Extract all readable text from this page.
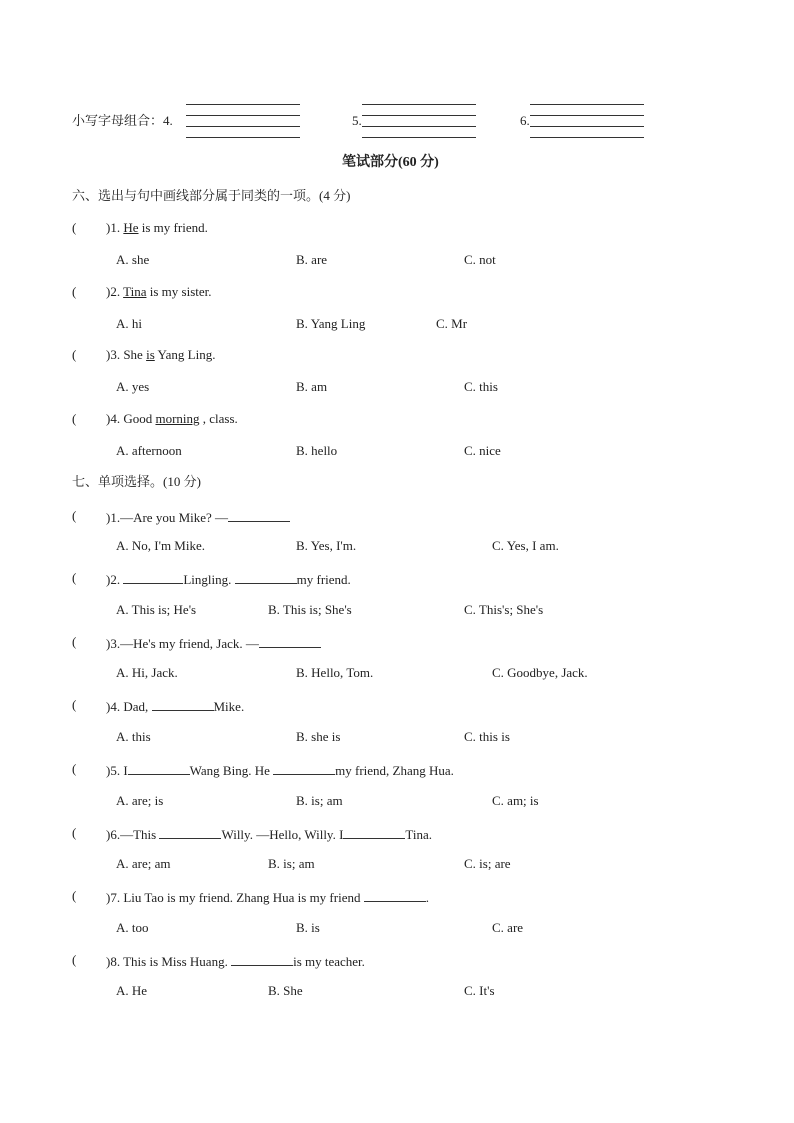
小写字母组合：4.	5.	6.
笔试部分(60 分)
六、选出与句中画线部分属于同类的一项。(4 分)
( )1. He is my friend.
A. she	B. are	C. not
( )2. Tina is my sister.
A. hi	B. Yang Ling	C. Mr
( )3. She is Yang Ling.
A. yes	B. am	C. this
( )4. Good morning , class.
A. afternoon	B. hello	C. nice
七、单项选择。(10 分)
( )1.—Are you Mike? —
A. No, I'm Mike.	B. Yes, I'm.	C. Yes, I am.
( )2.	Lingling.	my friend.
A. This is; He's	B. This is; She's	C. This's; She's
( )3.—He's my friend, Jack. —
A. Hi, Jack.	B. Hello, Tom.	C. Goodbye, Jack.
( )4. Dad,	Mike.
A. this	B. she is	C. this is
( )5. I	Wang Bing. He	my friend, Zhang Hua.
A. are; is	B. is; am	C. am; is
( )6.—This	Willy. —Hello, Willy. I	Tina.
A. are; am	B. is; am	C. is; are
( )7. Liu Tao is my friend. Zhang Hua is my friend	.
A. too	B. is	C. are
( )8. This is Miss Huang.	is my teacher.
A. He	B. She	C. It's
